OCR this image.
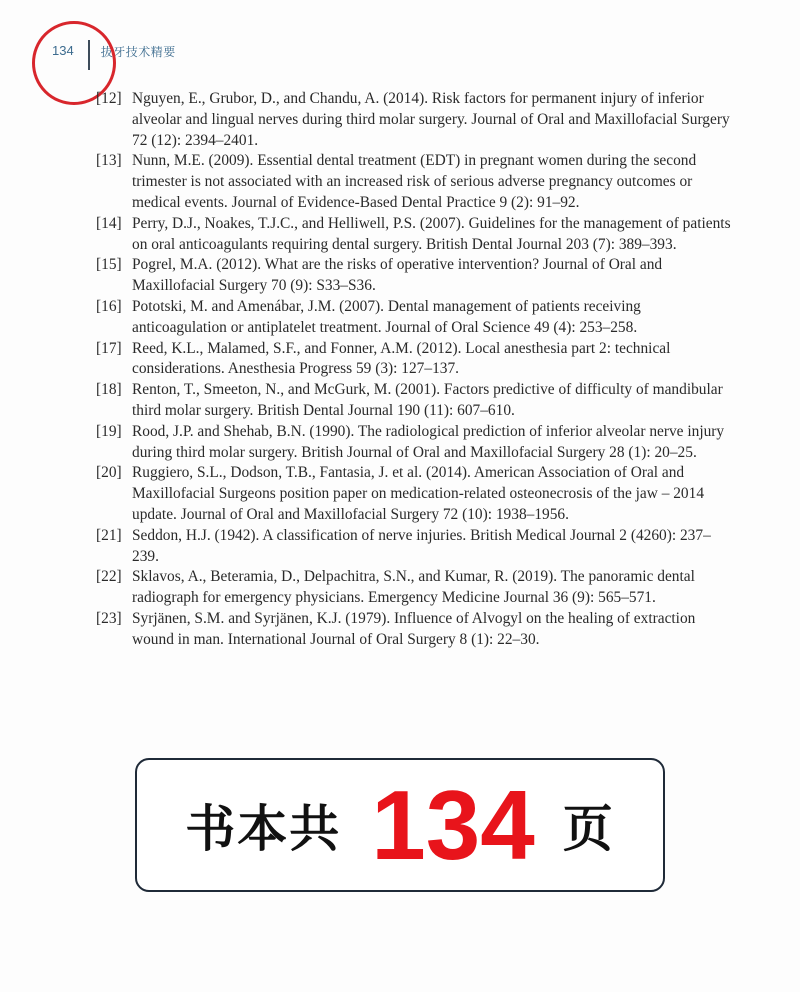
134 拔牙技术精要
[12] Nguyen, E., Grubor, D., and Chandu, A. (2014). Risk factors for permanent injury of inferior alveolar and lingual nerves during third molar surgery. Journal of Oral and Maxillofacial Surgery 72 (12): 2394–2401.
[13] Nunn, M.E. (2009). Essential dental treatment (EDT) in pregnant women during the second trimester is not associated with an increased risk of serious adverse pregnancy outcomes or medical events. Journal of Evidence-Based Dental Practice 9 (2): 91–92.
[14] Perry, D.J., Noakes, T.J.C., and Helliwell, P.S. (2007). Guidelines for the management of patients on oral anticoagulants requiring dental surgery. British Dental Journal 203 (7): 389–393.
[15] Pogrel, M.A. (2012). What are the risks of operative intervention? Journal of Oral and Maxillofacial Surgery 70 (9): S33–S36.
[16] Pototski, M. and Amenábar, J.M. (2007). Dental management of patients receiving anticoagulation or antiplatelet treatment. Journal of Oral Science 49 (4): 253–258.
[17] Reed, K.L., Malamed, S.F., and Fonner, A.M. (2012). Local anesthesia part 2: technical considerations. Anesthesia Progress 59 (3): 127–137.
[18] Renton, T., Smeeton, N., and McGurk, M. (2001). Factors predictive of difficulty of mandibular third molar surgery. British Dental Journal 190 (11): 607–610.
[19] Rood, J.P. and Shehab, B.N. (1990). The radiological prediction of inferior alveolar nerve injury during third molar surgery. British Journal of Oral and Maxillofacial Surgery 28 (1): 20–25.
[20] Ruggiero, S.L., Dodson, T.B., Fantasia, J. et al. (2014). American Association of Oral and Maxillofacial Surgeons position paper on medication-related osteonecrosis of the jaw – 2014 update. Journal of Oral and Maxillofacial Surgery 72 (10): 1938–1956.
[21] Seddon, H.J. (1942). A classification of nerve injuries. British Medical Journal 2 (4260): 237–239.
[22] Sklavos, A., Beteramia, D., Delpachitra, S.N., and Kumar, R. (2019). The panoramic dental radiograph for emergency physicians. Emergency Medicine Journal 36 (9): 565–571.
[23] Syrjänen, S.M. and Syrjänen, K.J. (1979). Influence of Alvogyl on the healing of extraction wound in man. International Journal of Oral Surgery 8 (1): 22–30.
书本共 134 页
